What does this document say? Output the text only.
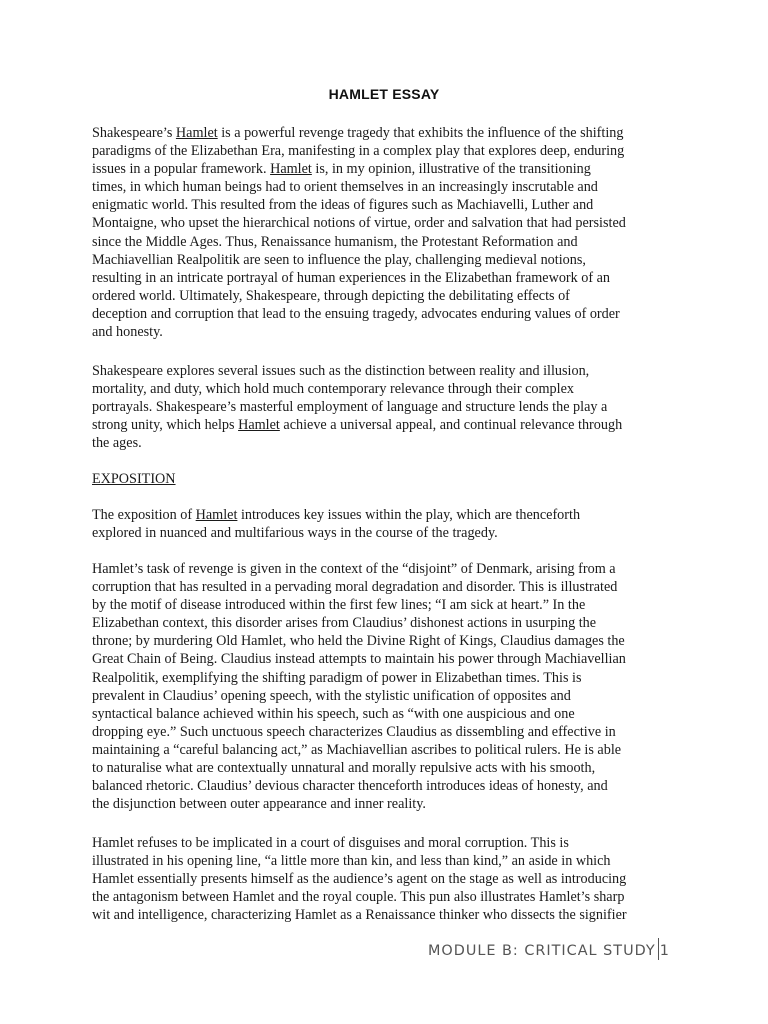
HAMLET ESSAY
Shakespeare’s Hamlet is a powerful revenge tragedy that exhibits the influence of the shifting
paradigms of the Elizabethan Era, manifesting in a complex play that explores deep, enduring
issues in a popular framework. Hamlet is, in my opinion, illustrative of the transitioning
times, in which human beings had to orient themselves in an increasingly inscrutable and
enigmatic world. This resulted from the ideas of figures such as Machiavelli, Luther and
Montaigne, who upset the hierarchical notions of virtue, order and salvation that had persisted
since the Middle Ages. Thus, Renaissance humanism, the Protestant Reformation and
Machiavellian Realpolitik are seen to influence the play, challenging medieval notions,
resulting in an intricate portrayal of human experiences in the Elizabethan framework of an
ordered world. Ultimately, Shakespeare, through depicting the debilitating effects of
deception and corruption that lead to the ensuing tragedy, advocates enduring values of order
and honesty.
Shakespeare explores several issues such as the distinction between reality and illusion,
mortality, and duty, which hold much contemporary relevance through their complex
portrayals. Shakespeare’s masterful employment of language and structure lends the play a
strong unity, which helps Hamlet achieve a universal appeal, and continual relevance through
the ages.
EXPOSITION
The exposition of Hamlet introduces key issues within the play, which are thenceforth
explored in nuanced and multifarious ways in the course of the tragedy.
Hamlet’s task of revenge is given in the context of the “disjoint” of Denmark, arising from a
corruption that has resulted in a pervading moral degradation and disorder. This is illustrated
by the motif of disease introduced within the first few lines; “I am sick at heart.” In the
Elizabethan context, this disorder arises from Claudius’ dishonest actions in usurping the
throne; by murdering Old Hamlet, who held the Divine Right of Kings, Claudius damages the
Great Chain of Being. Claudius instead attempts to maintain his power through Machiavellian
Realpolitik, exemplifying the shifting paradigm of power in Elizabethan times. This is
prevalent in Claudius’ opening speech, with the stylistic unification of opposites and
syntactical balance achieved within his speech, such as “with one auspicious and one
dropping eye.” Such unctuous speech characterizes Claudius as dissembling and effective in
maintaining a “careful balancing act,” as Machiavellian ascribes to political rulers. He is able
to naturalise what are contextually unnatural and morally repulsive acts with his smooth,
balanced rhetoric. Claudius’ devious character thenceforth introduces ideas of honesty, and
the disjunction between outer appearance and inner reality.
Hamlet refuses to be implicated in a court of disguises and moral corruption. This is
illustrated in his opening line, “a little more than kin, and less than kind,” an aside in which
Hamlet essentially presents himself as the audience’s agent on the stage as well as introducing
the antagonism between Hamlet and the royal couple. This pun also illustrates Hamlet’s sharp
wit and intelligence, characterizing Hamlet as a Renaissance thinker who dissects the signifier
MODULE B: CRITICAL STUDY 1
